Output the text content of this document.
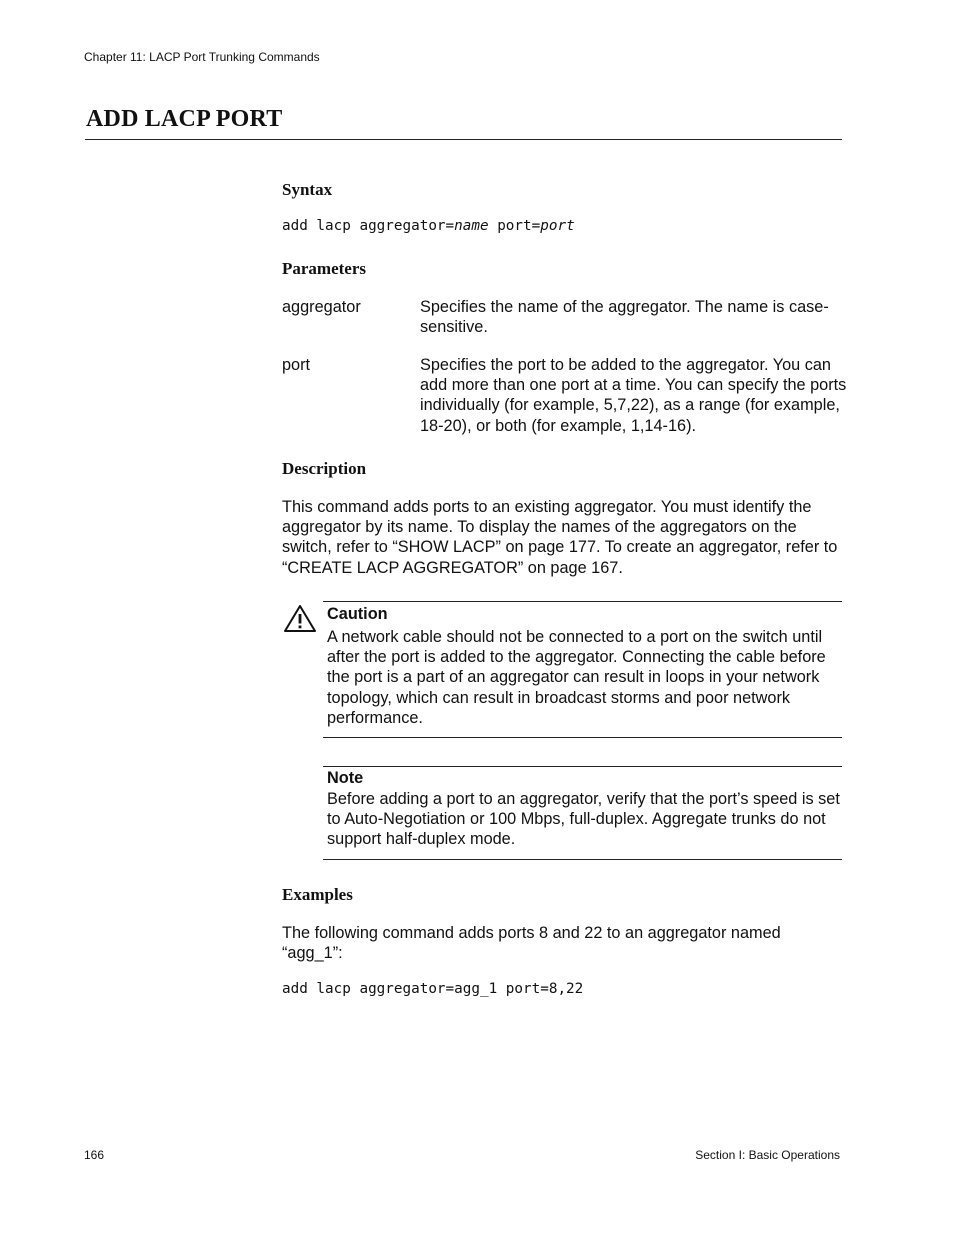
Chapter 11: LACP Port Trunking Commands
ADD LACP PORT
Syntax
add lacp aggregator=name port=port
Parameters
aggregator	Specifies the name of the aggregator. The name is case-sensitive.
port	Specifies the port to be added to the aggregator. You can add more than one port at a time. You can specify the ports individually (for example, 5,7,22), as a range (for example, 18-20), or both (for example, 1,14-16).
Description
This command adds ports to an existing aggregator. You must identify the aggregator by its name. To display the names of the aggregators on the switch, refer to “SHOW LACP” on page 177. To create an aggregator, refer to “CREATE LACP AGGREGATOR” on page 167.
Caution
A network cable should not be connected to a port on the switch until after the port is added to the aggregator. Connecting the cable before the port is a part of an aggregator can result in loops in your network topology, which can result in broadcast storms and poor network performance.
Note
Before adding a port to an aggregator, verify that the port’s speed is set to Auto-Negotiation or 100 Mbps, full-duplex. Aggregate trunks do not support half-duplex mode.
Examples
The following command adds ports 8 and 22 to an aggregator named “agg_1”:
add lacp aggregator=agg_1 port=8,22
166	Section I: Basic Operations
